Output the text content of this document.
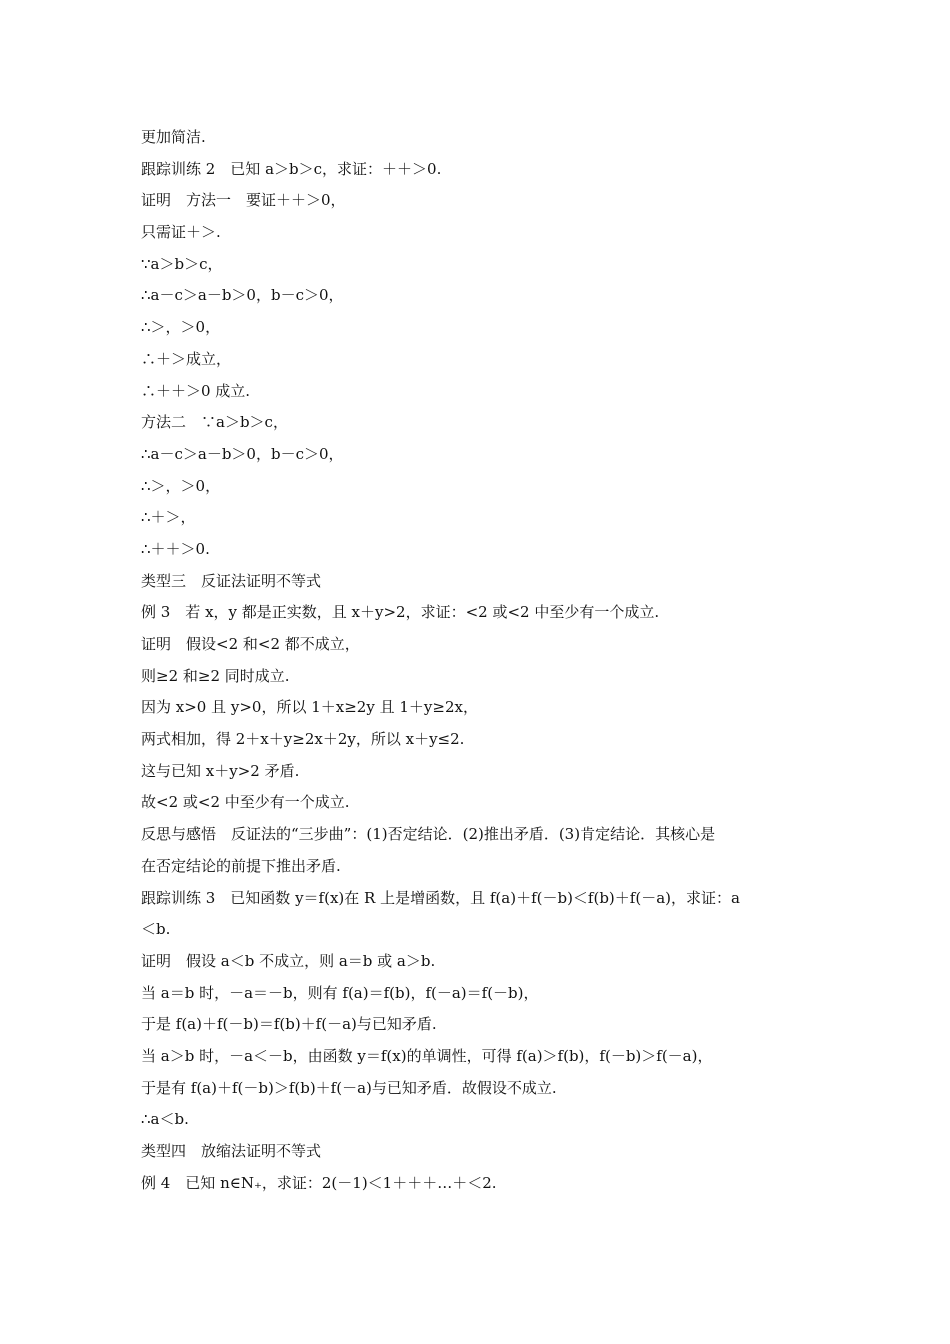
更加简洁.
跟踪训练 2　已知 a＞b＞c，求证：＋＋＞0.
证明　方法一　要证＋＋＞0，
只需证＋＞.
∵a＞b＞c，
∴a－c＞a－b＞0，b－c＞0，
∴＞，＞0，
∴＋＞成立，
∴＋＋＞0 成立.
方法二　∵a＞b＞c，
∴a－c＞a－b＞0，b－c＞0，
∴＞，＞0，
∴＋＞，
∴＋＋＞0.
类型三　反证法证明不等式
例 3　若 x，y 都是正实数，且 x＋y>2，求证：<2 或<2 中至少有一个成立.
证明　假设<2 和<2 都不成立，
则≥2 和≥2 同时成立.
因为 x>0 且 y>0，所以 1＋x≥2y 且 1＋y≥2x，
两式相加，得 2＋x＋y≥2x＋2y，所以 x＋y≤2.
这与已知 x＋y>2 矛盾.
故<2 或<2 中至少有一个成立.
反思与感悟　反证法的“三步曲”：(1)否定结论．(2)推出矛盾．(3)肯定结论．其核心是
在否定结论的前提下推出矛盾.
跟踪训练 3　已知函数 y＝f(x)在 R 上是增函数，且 f(a)＋f(－b)＜f(b)＋f(－a)，求证：a
＜b.
证明　假设 a＜b 不成立，则 a＝b 或 a＞b.
当 a＝b 时，－a＝－b，则有 f(a)＝f(b)，f(－a)＝f(－b)，
于是 f(a)＋f(－b)＝f(b)＋f(－a)与已知矛盾.
当 a＞b 时，－a＜－b，由函数 y＝f(x)的单调性，可得 f(a)＞f(b)，f(－b)＞f(－a)，
于是有 f(a)＋f(－b)＞f(b)＋f(－a)与已知矛盾．故假设不成立.
∴a＜b.
类型四　放缩法证明不等式
例 4　已知 n∈N₊，求证：2(－1)＜1＋＋＋…＋＜2.
